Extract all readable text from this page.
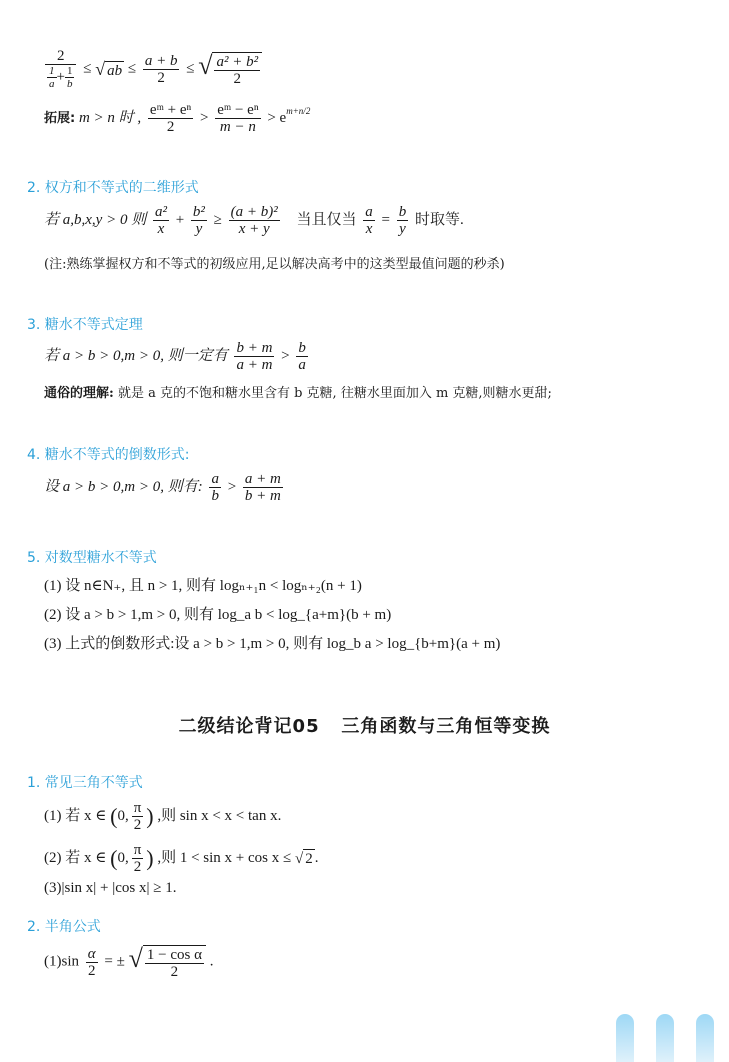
$\frac{2}{\frac{1}{a} + \frac{1}{b}}$ ≤ √ ab ≤ $\frac{a + b}{2}$ ≤ √ $\frac{\text{a² + b²}}{2}$
拓展: m > n 时 , $\frac{\text{eᵐ + eⁿ}}{2} > \frac{\text{eᵐ − eⁿ}}{m - n} > e^{m+n/2}$
2. 权方和不等式的二维形式
若 a,b,x,y > 0 则 $\frac{\text{a²}}{x} + \frac{\text{b²}}{y} \ge \frac{\text{(a + b)²}}{x + y}$ 当且仅当 $\frac{a}{x} = \frac{b}{y}$ 时取等.
(注:熟练掌握权方和不等式的初级应用,足以解决高考中的这类型最值问题的秒杀)
3. 糖水不等式定理
若 a > b > 0,m > 0, 则一定有 $\frac{b + m}{a + m} > \frac{b}{a}$
通俗的理解: 就是 a 克的不饱和糖水里含有 b 克糖, 往糖水里面加入 m 克糖,则糖水更甜;
4. 糖水不等式的倒数形式:
设 a > b > 0,m > 0, 则有: $\frac{a}{b} > \frac{a + m}{b + m}$
5. 对数型糖水不等式
(1) 设 n∈N₊, 且 n > 1, 则有 logₙ₊₁n < logₙ₊₂(n + 1)
(2) 设 a > b > 1,m > 0, 则有 log_a b < log_{a+m}(b + m)
(3) 上式的倒数形式:设 a > b > 1,m > 0, 则有 log_b a > log_{b+m}(a + m)
二级结论背记05   三角函数与三角恒等变换
1. 常见三角不等式
(1) 若 x ∈ (0, $\frac{\pi}{2}$ ) ,则 sin x < x < tan x.
(2) 若 x ∈ (0, $\frac{\pi}{2}$ ) ,则 1 < sin x + cos x ≤ √ 2 .
(3)|sin x| + |cos x| ≥ 1.
2. 半角公式
$(1)\sin \frac{\alpha}{2}$ = ± √ $\frac{\text{1 − cos α}}{2}$ .
